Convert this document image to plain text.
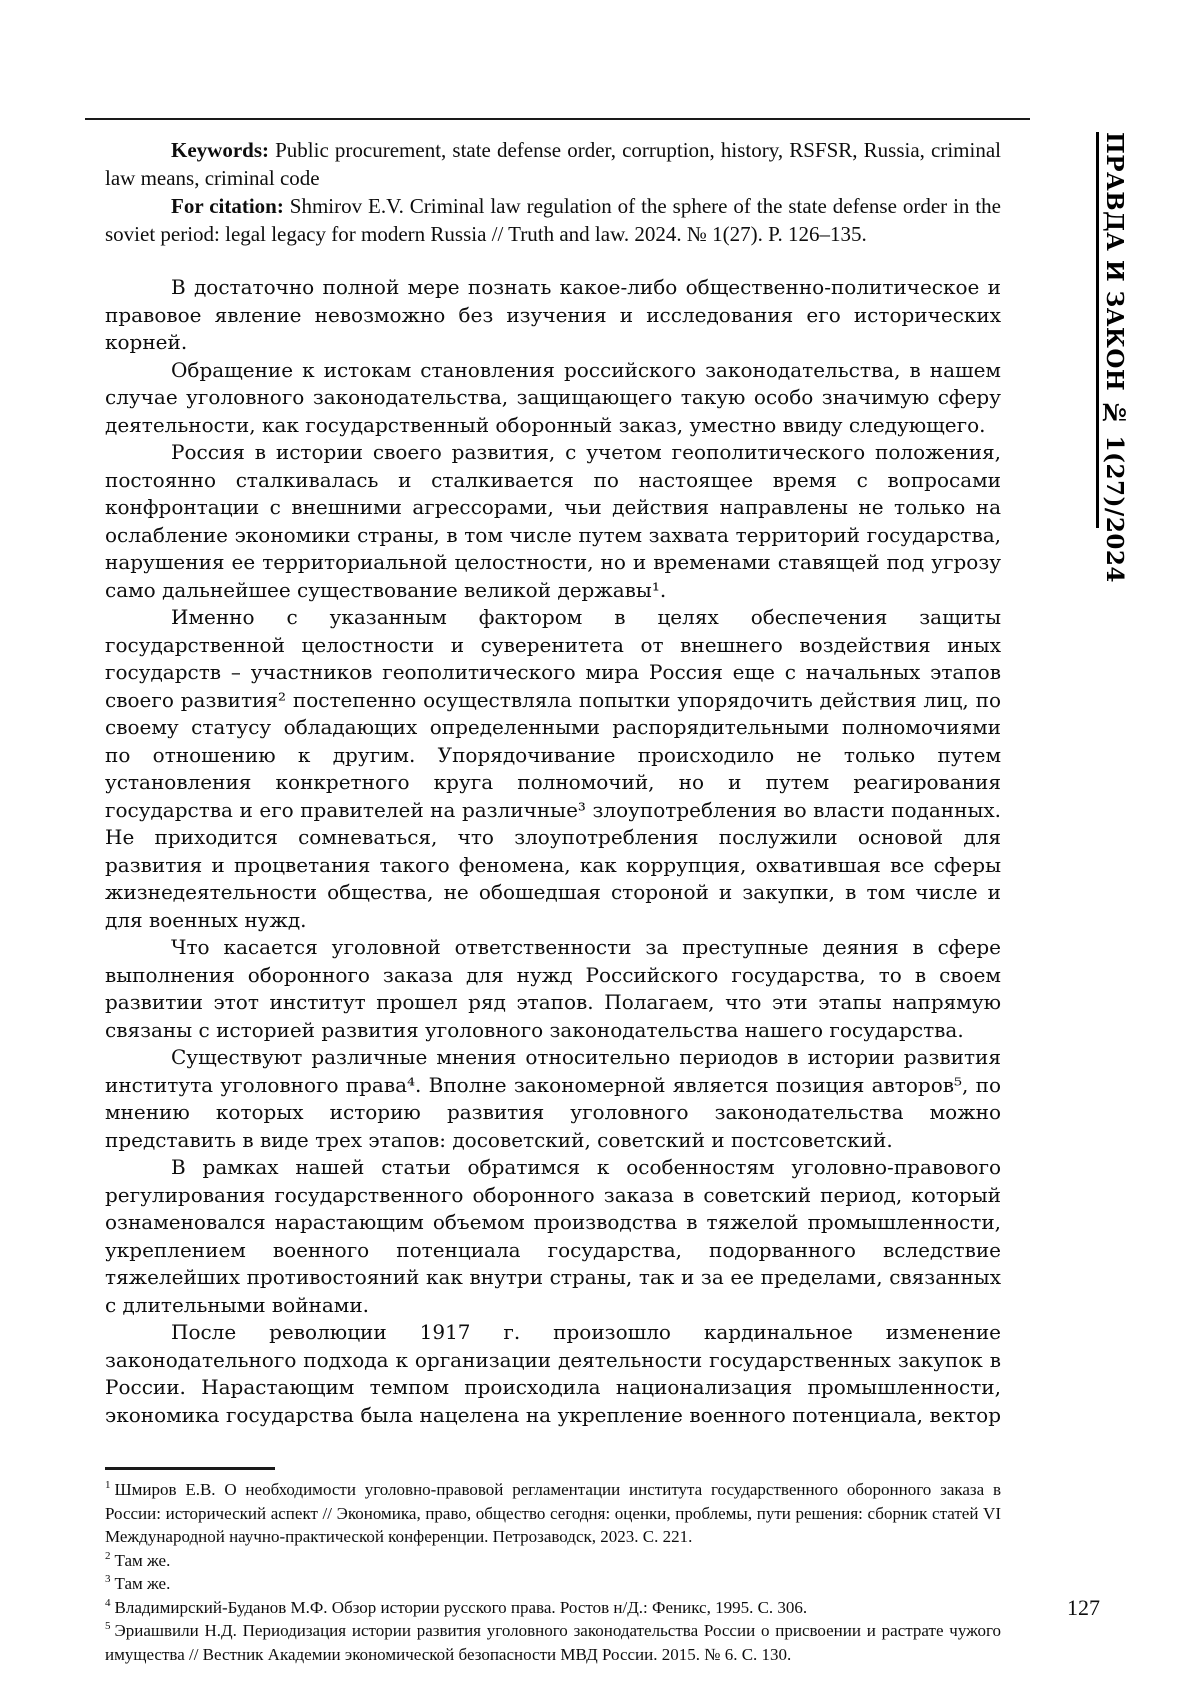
ПРАВДА И ЗАКОН № 1(27)/2024

Keywords: Public procurement, state defense order, corruption, history, RSFSR, Russia, criminal law means, criminal code

For citation: Shmirov E.V. Criminal law regulation of the sphere of the state defense order in the soviet period: legal legacy for modern Russia // Truth and law. 2024. № 1(27). P. 126–135.

В достаточно полной мере познать какое-либо общественно-политическое и правовое явление невозможно без изучения и исследования его исторических корней.

Обращение к истокам становления российского законодательства, в нашем случае уголовного законодательства, защищающего такую особо значимую сферу деятельности, как государственный оборонный заказ, уместно ввиду следующего.

Россия в истории своего развития, с учетом геополитического положения, постоянно сталкивалась и сталкивается по настоящее время с вопросами конфронтации с внешними агрессорами, чьи действия направлены не только на ослабление экономики страны, в том числе путем захвата территорий государства, нарушения ее территориальной целостности, но и временами ставящей под угрозу само дальнейшее существование великой державы¹.

Именно с указанным фактором в целях обеспечения защиты государственной целостности и суверенитета от внешнего воздействия иных государств – участников геополитического мира Россия еще с начальных этапов своего развития² постепенно осуществляла попытки упорядочить действия лиц, по своему статусу обладающих определенными распорядительными полномочиями по отношению к другим. Упорядочивание происходило не только путем установления конкретного круга полномочий, но и путем реагирования государства и его правителей на различные³ злоупотребления во власти поданных. Не приходится сомневаться, что злоупотребления послужили основой для развития и процветания такого феномена, как коррупция, охватившая все сферы жизнедеятельности общества, не обошедшая стороной и закупки, в том числе и для военных нужд.

Что касается уголовной ответственности за преступные деяния в сфере выполнения оборонного заказа для нужд Российского государства, то в своем развитии этот институт прошел ряд этапов. Полагаем, что эти этапы напрямую связаны с историей развития уголовного законодательства нашего государства.

Существуют различные мнения относительно периодов в истории развития института уголовного права⁴. Вполне закономерной является позиция авторов⁵, по мнению которых историю развития уголовного законодательства можно представить в виде трех этапов: досоветский, советский и постсоветский.

В рамках нашей статьи обратимся к особенностям уголовно-правового регулирования государственного оборонного заказа в советский период, который ознаменовался нарастающим объемом производства в тяжелой промышленности, укреплением военного потенциала государства, подорванного вследствие тяжелейших противостояний как внутри страны, так и за ее пределами, связанных с длительными войнами.

После революции 1917 г. произошло кардинальное изменение законодательного подхода к организации деятельности государственных закупок в России. Нарастающим темпом происходила национализация промышленности, экономика государства была нацелена на укрепление военного потенциала, вектор

$^1$ Шмиров Е.В. О необходимости уголовно-правовой регламентации института государственного оборонного заказа в России: исторический аспект // Экономика, право, общество сегодня: оценки, проблемы, пути решения: сборник статей VI Международной научно-практической конференции. Петрозаводск, 2023. С. 221.

$^2$ Там же.

$^3$ Там же.

$^4$ Владимирский-Буданов М.Ф. Обзор истории русского права. Ростов н/Д.: Феникс, 1995. С. 306.

$^5$ Эриашвили Н.Д. Периодизация истории развития уголовного законодательства России о присвоении и растрате чужого имущества // Вестник Академии экономической безопасности МВД России. 2015. № 6. С. 130.

127
